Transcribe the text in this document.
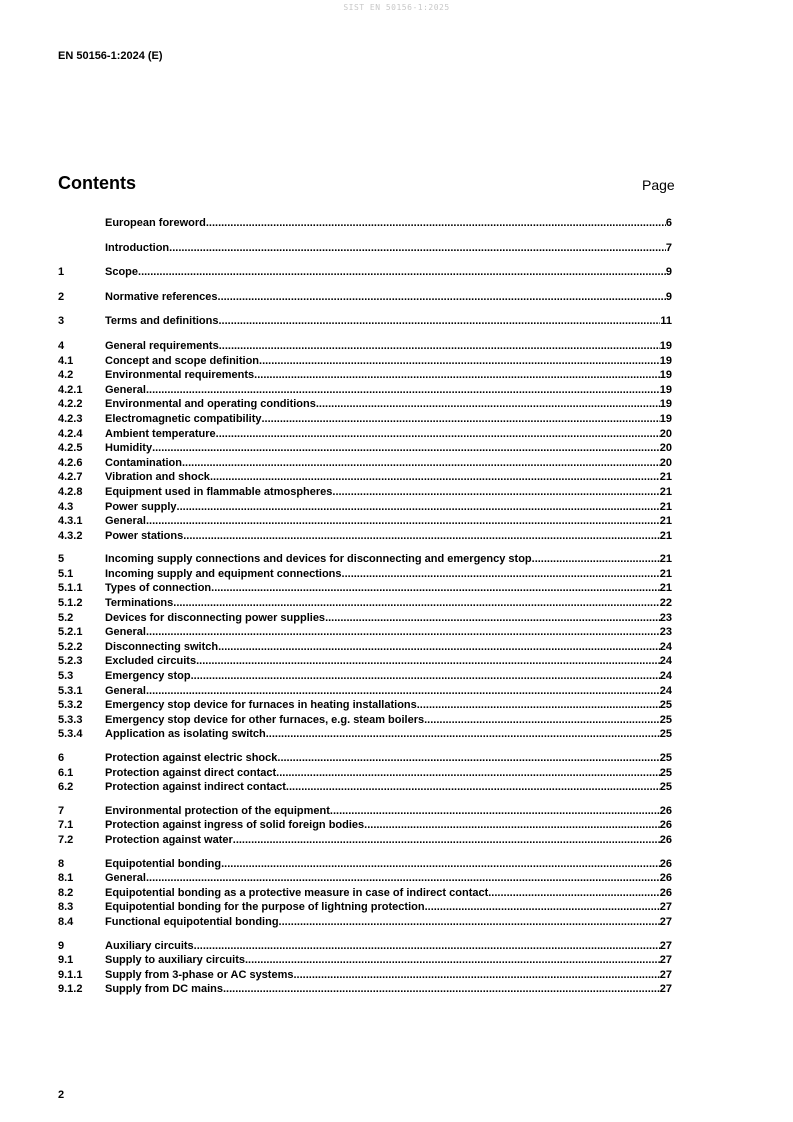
SIST EN 50156-1:2025
EN 50156-1:2024 (E)
Contents	Page
European foreword .....	6
Introduction .....	7
1	Scope .....	9
2	Normative references .....	9
3	Terms and definitions .....	11
4	General requirements .....	19
4.1	Concept and scope definition .....	19
4.2	Environmental requirements .....	19
4.2.1	General .....	19
4.2.2	Environmental and operating conditions .....	19
4.2.3	Electromagnetic compatibility .....	19
4.2.4	Ambient temperature .....	20
4.2.5	Humidity .....	20
4.2.6	Contamination .....	20
4.2.7	Vibration and shock .....	21
4.2.8	Equipment used in flammable atmospheres .....	21
4.3	Power supply .....	21
4.3.1	General .....	21
4.3.2	Power stations .....	21
5	Incoming supply connections and devices for disconnecting and emergency stop .....	21
5.1	Incoming supply and equipment connections .....	21
5.1.1	Types of connection .....	21
5.1.2	Terminations .....	22
5.2	Devices for disconnecting power supplies .....	23
5.2.1	General .....	23
5.2.2	Disconnecting switch .....	24
5.2.3	Excluded circuits .....	24
5.3	Emergency stop .....	24
5.3.1	General .....	24
5.3.2	Emergency stop device for furnaces in heating installations .....	25
5.3.3	Emergency stop device for other furnaces, e.g. steam boilers .....	25
5.3.4	Application as isolating switch .....	25
6	Protection against electric shock .....	25
6.1	Protection against direct contact .....	25
6.2	Protection against indirect contact .....	25
7	Environmental protection of the equipment .....	26
7.1	Protection against ingress of solid foreign bodies .....	26
7.2	Protection against water .....	26
8	Equipotential bonding .....	26
8.1	General .....	26
8.2	Equipotential bonding as a protective measure in case of indirect contact .....	26
8.3	Equipotential bonding for the purpose of lightning protection .....	27
8.4	Functional equipotential bonding .....	27
9	Auxiliary circuits .....	27
9.1	Supply to auxiliary circuits .....	27
9.1.1	Supply from 3-phase or AC systems .....	27
9.1.2	Supply from DC mains .....	27
2
